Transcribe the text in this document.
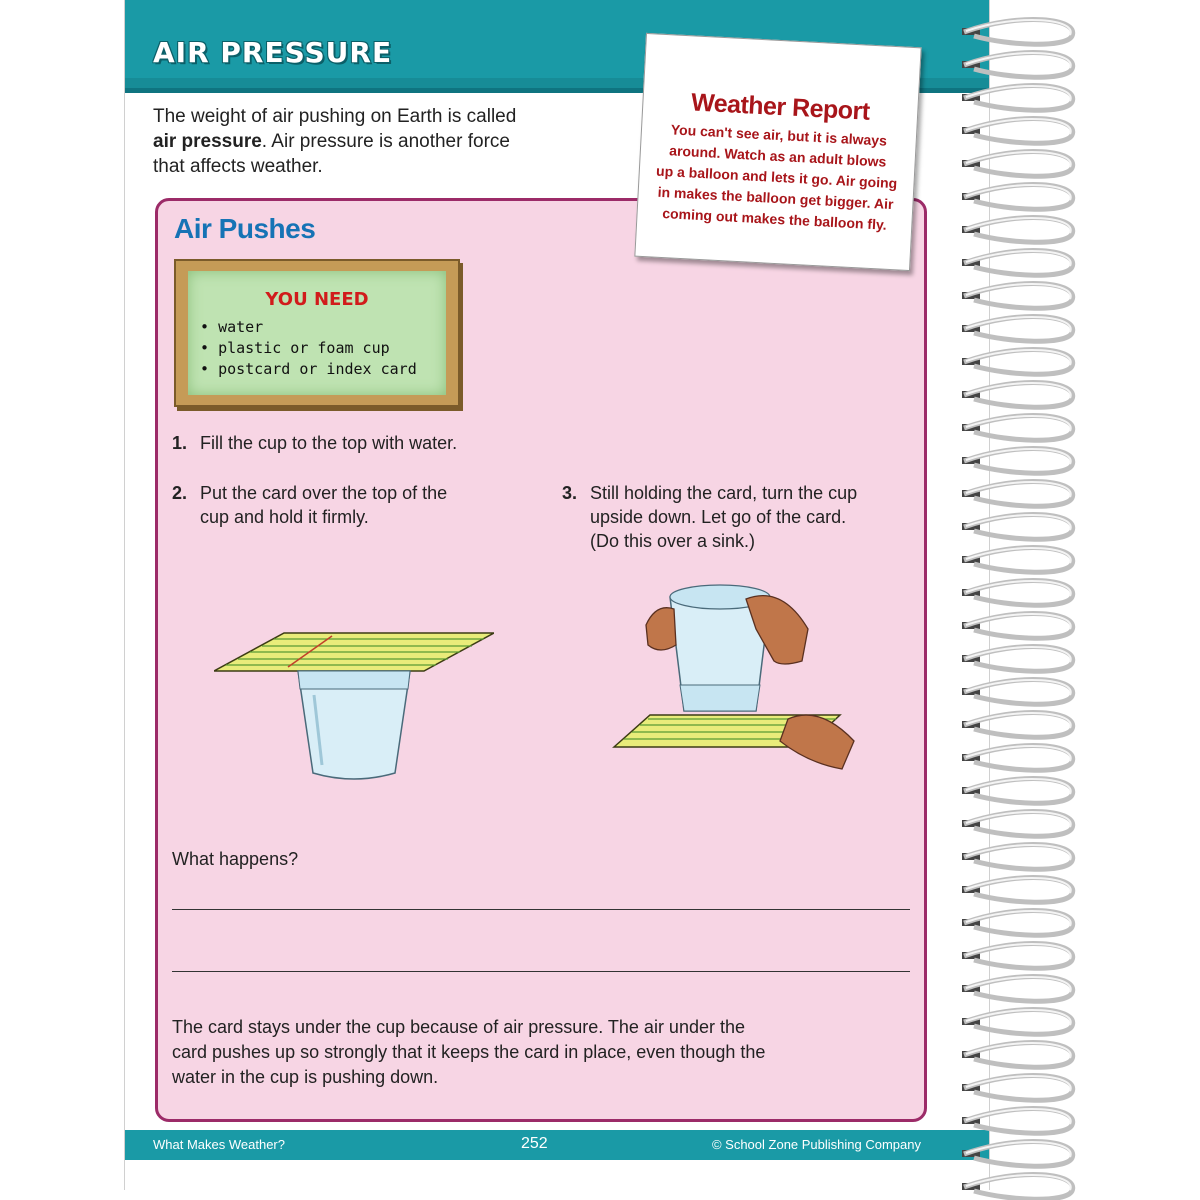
AIR PRESSURE
The weight of air pushing on Earth is called
air pressure. Air pressure is another force
that affects weather.
Air Pushes
YOU NEED
• water
• plastic or foam cup
• postcard or index card
1. Fill the cup to the top with water.
2. Put the card over the top of the
cup and hold it firmly.
3. Still holding the card, turn the cup
upside down. Let go of the card.
(Do this over a sink.)
What happens?
The card stays under the cup because of air pressure. The air under the
card pushes up so strongly that it keeps the card in place, even though the
water in the cup is pushing down.
What Makes Weather?	252	© School Zone Publishing Company
Weather Report
You can't see air, but it is always
around. Watch as an adult blows
up a balloon and lets it go. Air going
in makes the balloon get bigger. Air
coming out makes the balloon fly.
